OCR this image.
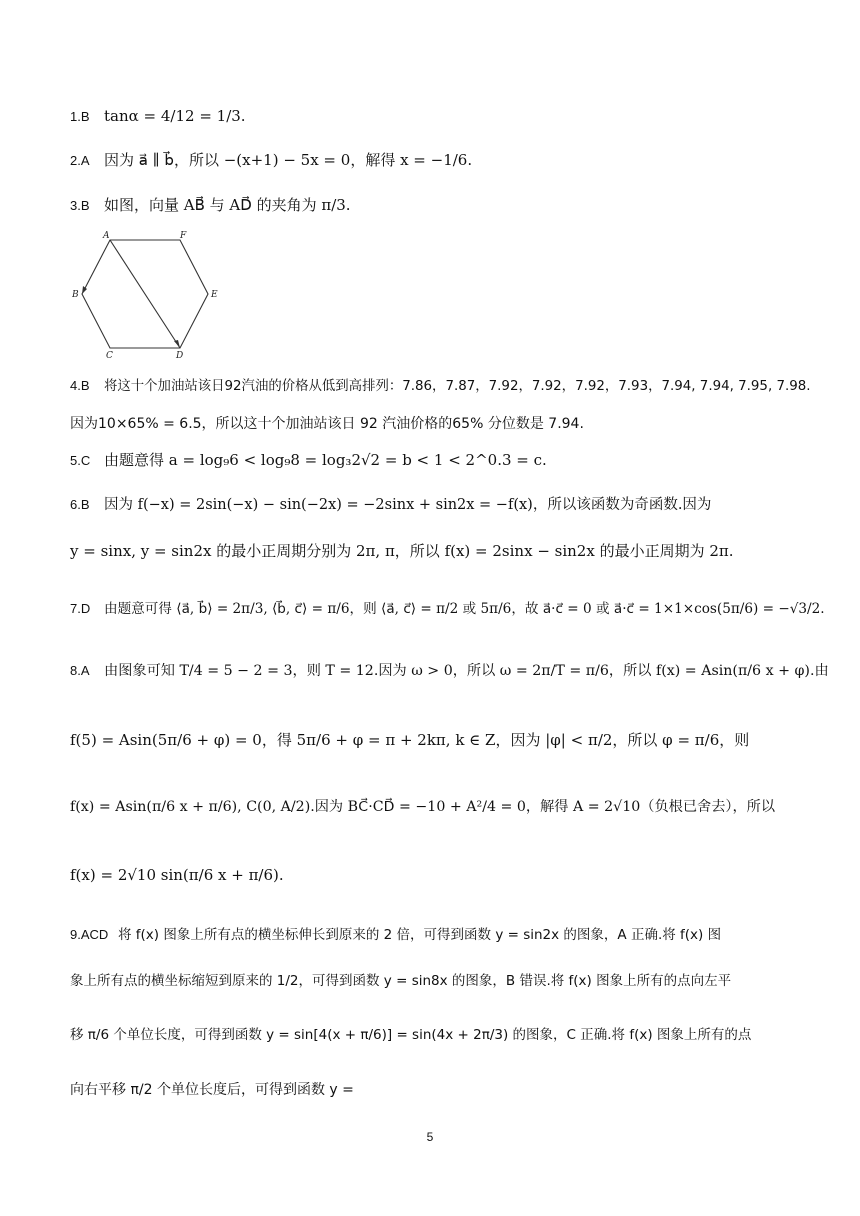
1.B tanα = 4/12 = 1/3.
2.A 因为 a⃗ ∥ b⃗，所以 −(x+1) − 5x = 0，解得 x = −1/6.
3.B 如图，向量 AB⃗ 与 AD⃗ 的夹角为 π/3.
A	F
B	E
C	D
4.B 将这十个加油站该日92汽油的价格从低到高排列：7.86，7.87，7.92，7.92，7.92，7.93，7.94, 7.94, 7.95, 7.98.
因为10×65% = 6.5，所以这十个加油站该日 92 汽油价格的65% 分位数是 7.94.
5.C 由题意得 a = log₉6 < log₉8 = log₃2√2 = b < 1 < 2^0.3 = c.
6.B 因为 f(−x) = 2sin(−x) − sin(−2x) = −2sinx + sin2x = −f(x)，所以该函数为奇函数.因为
y = sinx, y = sin2x 的最小正周期分别为 2π, π，所以 f(x) = 2sinx − sin2x 的最小正周期为 2π.
7.D 由题意可得 ⟨a⃗, b⃗⟩ = 2π/3, ⟨b⃗, c⃗⟩ = π/6，则 ⟨a⃗, c⃗⟩ = π/2 或 5π/6，故 a⃗·c⃗ = 0 或 a⃗·c⃗ = 1×1×cos(5π/6) = −√3/2.
8.A 由图象可知 T/4 = 5 − 2 = 3，则 T = 12.因为 ω > 0，所以 ω = 2π/T = π/6，所以 f(x) = Asin(π/6 x + φ).由
f(5) = Asin(5π/6 + φ) = 0，得 5π/6 + φ = π + 2kπ, k ∈ Z，因为 |φ| < π/2，所以 φ = π/6，则
f(x) = Asin(π/6 x + π/6), C(0, A/2).因为 BC⃗·CD⃗ = −10 + A²/4 = 0，解得 A = 2√10（负根已舍去），所以
f(x) = 2√10 sin(π/6 x + π/6).
9.ACD 将 f(x) 图象上所有点的横坐标伸长到原来的 2 倍，可得到函数 y = sin2x 的图象，A 正确.将 f(x) 图
象上所有点的横坐标缩短到原来的 1/2，可得到函数 y = sin8x 的图象，B 错误.将 f(x) 图象上所有的点向左平
移 π/6 个单位长度，可得到函数 y = sin[4(x + π/6)] = sin(4x + 2π/3) 的图象，C 正确.将 f(x) 图象上所有的点
向右平移 π/2 个单位长度后，可得到函数 y =
5
